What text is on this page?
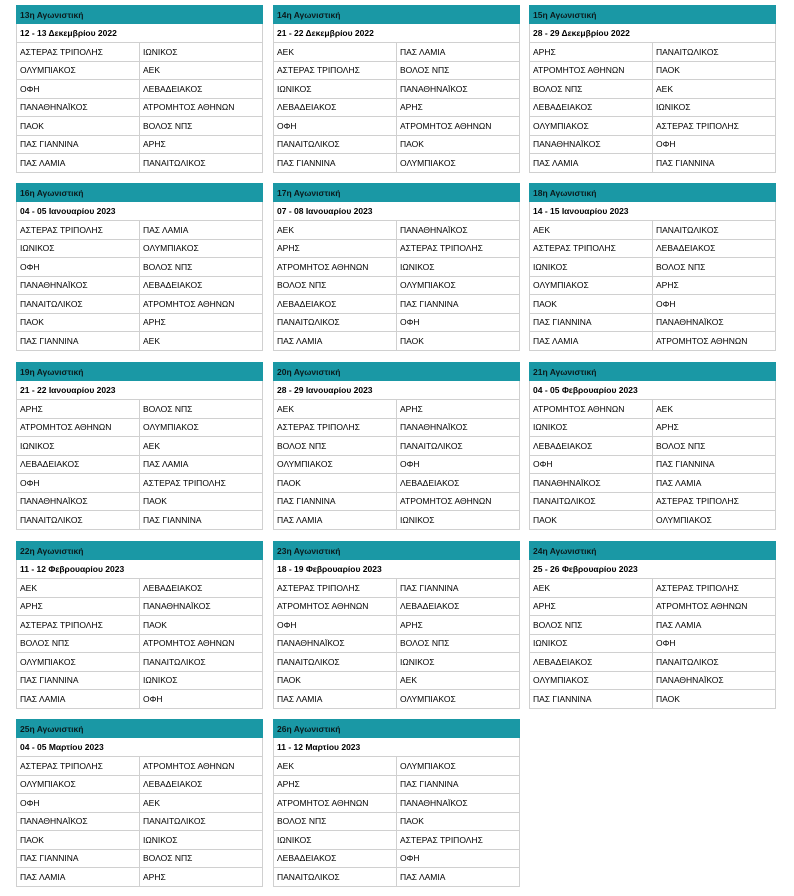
13η Αγωνιστική	
12 - 13 Δεκεμβρίου 2022	
ΑΣΤΕΡΑΣ ΤΡΙΠΟΛΗΣ	ΙΩΝΙΚΟΣ
ΟΛΥΜΠΙΑΚΟΣ	ΑΕΚ
ΟΦΗ	ΛΕΒΑΔΕΙΑΚΟΣ
ΠΑΝΑΘΗΝΑΪΚΟΣ	ΑΤΡΟΜΗΤΟΣ ΑΘΗΝΩΝ
ΠΑΟΚ	ΒΟΛΟΣ ΝΠΣ
ΠΑΣ ΓΙΑΝΝΙΝΑ	ΑΡΗΣ
ΠΑΣ ΛΑΜΙΑ	ΠΑΝΑΙΤΩΛΙΚΟΣ
14η Αγωνιστική	
21 - 22 Δεκεμβρίου 2022	
ΑΕΚ	ΠΑΣ ΛΑΜΙΑ
ΑΣΤΕΡΑΣ ΤΡΙΠΟΛΗΣ	ΒΟΛΟΣ ΝΠΣ
ΙΩΝΙΚΟΣ	ΠΑΝΑΘΗΝΑΪΚΟΣ
ΛΕΒΑΔΕΙΑΚΟΣ	ΑΡΗΣ
ΟΦΗ	ΑΤΡΟΜΗΤΟΣ ΑΘΗΝΩΝ
ΠΑΝΑΙΤΩΛΙΚΟΣ	ΠΑΟΚ
ΠΑΣ ΓΙΑΝΝΙΝΑ	ΟΛΥΜΠΙΑΚΟΣ
15η Αγωνιστική	
28 - 29 Δεκεμβρίου 2022	
ΑΡΗΣ	ΠΑΝΑΙΤΩΛΙΚΟΣ
ΑΤΡΟΜΗΤΟΣ ΑΘΗΝΩΝ	ΠΑΟΚ
ΒΟΛΟΣ ΝΠΣ	ΑΕΚ
ΛΕΒΑΔΕΙΑΚΟΣ	ΙΩΝΙΚΟΣ
ΟΛΥΜΠΙΑΚΟΣ	ΑΣΤΕΡΑΣ ΤΡΙΠΟΛΗΣ
ΠΑΝΑΘΗΝΑΪΚΟΣ	ΟΦΗ
ΠΑΣ ΛΑΜΙΑ	ΠΑΣ ΓΙΑΝΝΙΝΑ
16η Αγωνιστική	
04 - 05 Ιανουαρίου 2023	
ΑΣΤΕΡΑΣ ΤΡΙΠΟΛΗΣ	ΠΑΣ ΛΑΜΙΑ
ΙΩΝΙΚΟΣ	ΟΛΥΜΠΙΑΚΟΣ
ΟΦΗ	ΒΟΛΟΣ ΝΠΣ
ΠΑΝΑΘΗΝΑΪΚΟΣ	ΛΕΒΑΔΕΙΑΚΟΣ
ΠΑΝΑΙΤΩΛΙΚΟΣ	ΑΤΡΟΜΗΤΟΣ ΑΘΗΝΩΝ
ΠΑΟΚ	ΑΡΗΣ
ΠΑΣ ΓΙΑΝΝΙΝΑ	ΑΕΚ
17η Αγωνιστική	
07 - 08 Ιανουαρίου 2023	
ΑΕΚ	ΠΑΝΑΘΗΝΑΪΚΟΣ
ΑΡΗΣ	ΑΣΤΕΡΑΣ ΤΡΙΠΟΛΗΣ
ΑΤΡΟΜΗΤΟΣ ΑΘΗΝΩΝ	ΙΩΝΙΚΟΣ
ΒΟΛΟΣ ΝΠΣ	ΟΛΥΜΠΙΑΚΟΣ
ΛΕΒΑΔΕΙΑΚΟΣ	ΠΑΣ ΓΙΑΝΝΙΝΑ
ΠΑΝΑΙΤΩΛΙΚΟΣ	ΟΦΗ
ΠΑΣ ΛΑΜΙΑ	ΠΑΟΚ
18η Αγωνιστική	
14 - 15 Ιανουαρίου 2023	
ΑΕΚ	ΠΑΝΑΙΤΩΛΙΚΟΣ
ΑΣΤΕΡΑΣ ΤΡΙΠΟΛΗΣ	ΛΕΒΑΔΕΙΑΚΟΣ
ΙΩΝΙΚΟΣ	ΒΟΛΟΣ ΝΠΣ
ΟΛΥΜΠΙΑΚΟΣ	ΑΡΗΣ
ΠΑΟΚ	ΟΦΗ
ΠΑΣ ΓΙΑΝΝΙΝΑ	ΠΑΝΑΘΗΝΑΪΚΟΣ
ΠΑΣ ΛΑΜΙΑ	ΑΤΡΟΜΗΤΟΣ ΑΘΗΝΩΝ
19η Αγωνιστική	
21 - 22 Ιανουαρίου 2023	
ΑΡΗΣ	ΒΟΛΟΣ ΝΠΣ
ΑΤΡΟΜΗΤΟΣ ΑΘΗΝΩΝ	ΟΛΥΜΠΙΑΚΟΣ
ΙΩΝΙΚΟΣ	ΑΕΚ
ΛΕΒΑΔΕΙΑΚΟΣ	ΠΑΣ ΛΑΜΙΑ
ΟΦΗ	ΑΣΤΕΡΑΣ ΤΡΙΠΟΛΗΣ
ΠΑΝΑΘΗΝΑΪΚΟΣ	ΠΑΟΚ
ΠΑΝΑΙΤΩΛΙΚΟΣ	ΠΑΣ ΓΙΑΝΝΙΝΑ
20η Αγωνιστική	
28 - 29 Ιανουαρίου 2023	
ΑΕΚ	ΑΡΗΣ
ΑΣΤΕΡΑΣ ΤΡΙΠΟΛΗΣ	ΠΑΝΑΘΗΝΑΪΚΟΣ
ΒΟΛΟΣ ΝΠΣ	ΠΑΝΑΙΤΩΛΙΚΟΣ
ΟΛΥΜΠΙΑΚΟΣ	ΟΦΗ
ΠΑΟΚ	ΛΕΒΑΔΕΙΑΚΟΣ
ΠΑΣ ΓΙΑΝΝΙΝΑ	ΑΤΡΟΜΗΤΟΣ ΑΘΗΝΩΝ
ΠΑΣ ΛΑΜΙΑ	ΙΩΝΙΚΟΣ
21η Αγωνιστική	
04 - 05 Φεβρουαρίου 2023	
ΑΤΡΟΜΗΤΟΣ ΑΘΗΝΩΝ	ΑΕΚ
ΙΩΝΙΚΟΣ	ΑΡΗΣ
ΛΕΒΑΔΕΙΑΚΟΣ	ΒΟΛΟΣ ΝΠΣ
ΟΦΗ	ΠΑΣ ΓΙΑΝΝΙΝΑ
ΠΑΝΑΘΗΝΑΪΚΟΣ	ΠΑΣ ΛΑΜΙΑ
ΠΑΝΑΙΤΩΛΙΚΟΣ	ΑΣΤΕΡΑΣ ΤΡΙΠΟΛΗΣ
ΠΑΟΚ	ΟΛΥΜΠΙΑΚΟΣ
22η Αγωνιστική	
11 - 12 Φεβρουαρίου 2023	
ΑΕΚ	ΛΕΒΑΔΕΙΑΚΟΣ
ΑΡΗΣ	ΠΑΝΑΘΗΝΑΪΚΟΣ
ΑΣΤΕΡΑΣ ΤΡΙΠΟΛΗΣ	ΠΑΟΚ
ΒΟΛΟΣ ΝΠΣ	ΑΤΡΟΜΗΤΟΣ ΑΘΗΝΩΝ
ΟΛΥΜΠΙΑΚΟΣ	ΠΑΝΑΙΤΩΛΙΚΟΣ
ΠΑΣ ΓΙΑΝΝΙΝΑ	ΙΩΝΙΚΟΣ
ΠΑΣ ΛΑΜΙΑ	ΟΦΗ
23η Αγωνιστική	
18 - 19 Φεβρουαρίου 2023	
ΑΣΤΕΡΑΣ ΤΡΙΠΟΛΗΣ	ΠΑΣ ΓΙΑΝΝΙΝΑ
ΑΤΡΟΜΗΤΟΣ ΑΘΗΝΩΝ	ΛΕΒΑΔΕΙΑΚΟΣ
ΟΦΗ	ΑΡΗΣ
ΠΑΝΑΘΗΝΑΪΚΟΣ	ΒΟΛΟΣ ΝΠΣ
ΠΑΝΑΙΤΩΛΙΚΟΣ	ΙΩΝΙΚΟΣ
ΠΑΟΚ	ΑΕΚ
ΠΑΣ ΛΑΜΙΑ	ΟΛΥΜΠΙΑΚΟΣ
24η Αγωνιστική	
25 - 26 Φεβρουαρίου 2023	
ΑΕΚ	ΑΣΤΕΡΑΣ ΤΡΙΠΟΛΗΣ
ΑΡΗΣ	ΑΤΡΟΜΗΤΟΣ ΑΘΗΝΩΝ
ΒΟΛΟΣ ΝΠΣ	ΠΑΣ ΛΑΜΙΑ
ΙΩΝΙΚΟΣ	ΟΦΗ
ΛΕΒΑΔΕΙΑΚΟΣ	ΠΑΝΑΙΤΩΛΙΚΟΣ
ΟΛΥΜΠΙΑΚΟΣ	ΠΑΝΑΘΗΝΑΪΚΟΣ
ΠΑΣ ΓΙΑΝΝΙΝΑ	ΠΑΟΚ
25η Αγωνιστική	
04 - 05 Μαρτίου 2023	
ΑΣΤΕΡΑΣ ΤΡΙΠΟΛΗΣ	ΑΤΡΟΜΗΤΟΣ ΑΘΗΝΩΝ
ΟΛΥΜΠΙΑΚΟΣ	ΛΕΒΑΔΕΙΑΚΟΣ
ΟΦΗ	ΑΕΚ
ΠΑΝΑΘΗΝΑΪΚΟΣ	ΠΑΝΑΙΤΩΛΙΚΟΣ
ΠΑΟΚ	ΙΩΝΙΚΟΣ
ΠΑΣ ΓΙΑΝΝΙΝΑ	ΒΟΛΟΣ ΝΠΣ
ΠΑΣ ΛΑΜΙΑ	ΑΡΗΣ
26η Αγωνιστική	
11 - 12 Μαρτίου 2023	
ΑΕΚ	ΟΛΥΜΠΙΑΚΟΣ
ΑΡΗΣ	ΠΑΣ ΓΙΑΝΝΙΝΑ
ΑΤΡΟΜΗΤΟΣ ΑΘΗΝΩΝ	ΠΑΝΑΘΗΝΑΪΚΟΣ
ΒΟΛΟΣ ΝΠΣ	ΠΑΟΚ
ΙΩΝΙΚΟΣ	ΑΣΤΕΡΑΣ ΤΡΙΠΟΛΗΣ
ΛΕΒΑΔΕΙΑΚΟΣ	ΟΦΗ
ΠΑΝΑΙΤΩΛΙΚΟΣ	ΠΑΣ ΛΑΜΙΑ
